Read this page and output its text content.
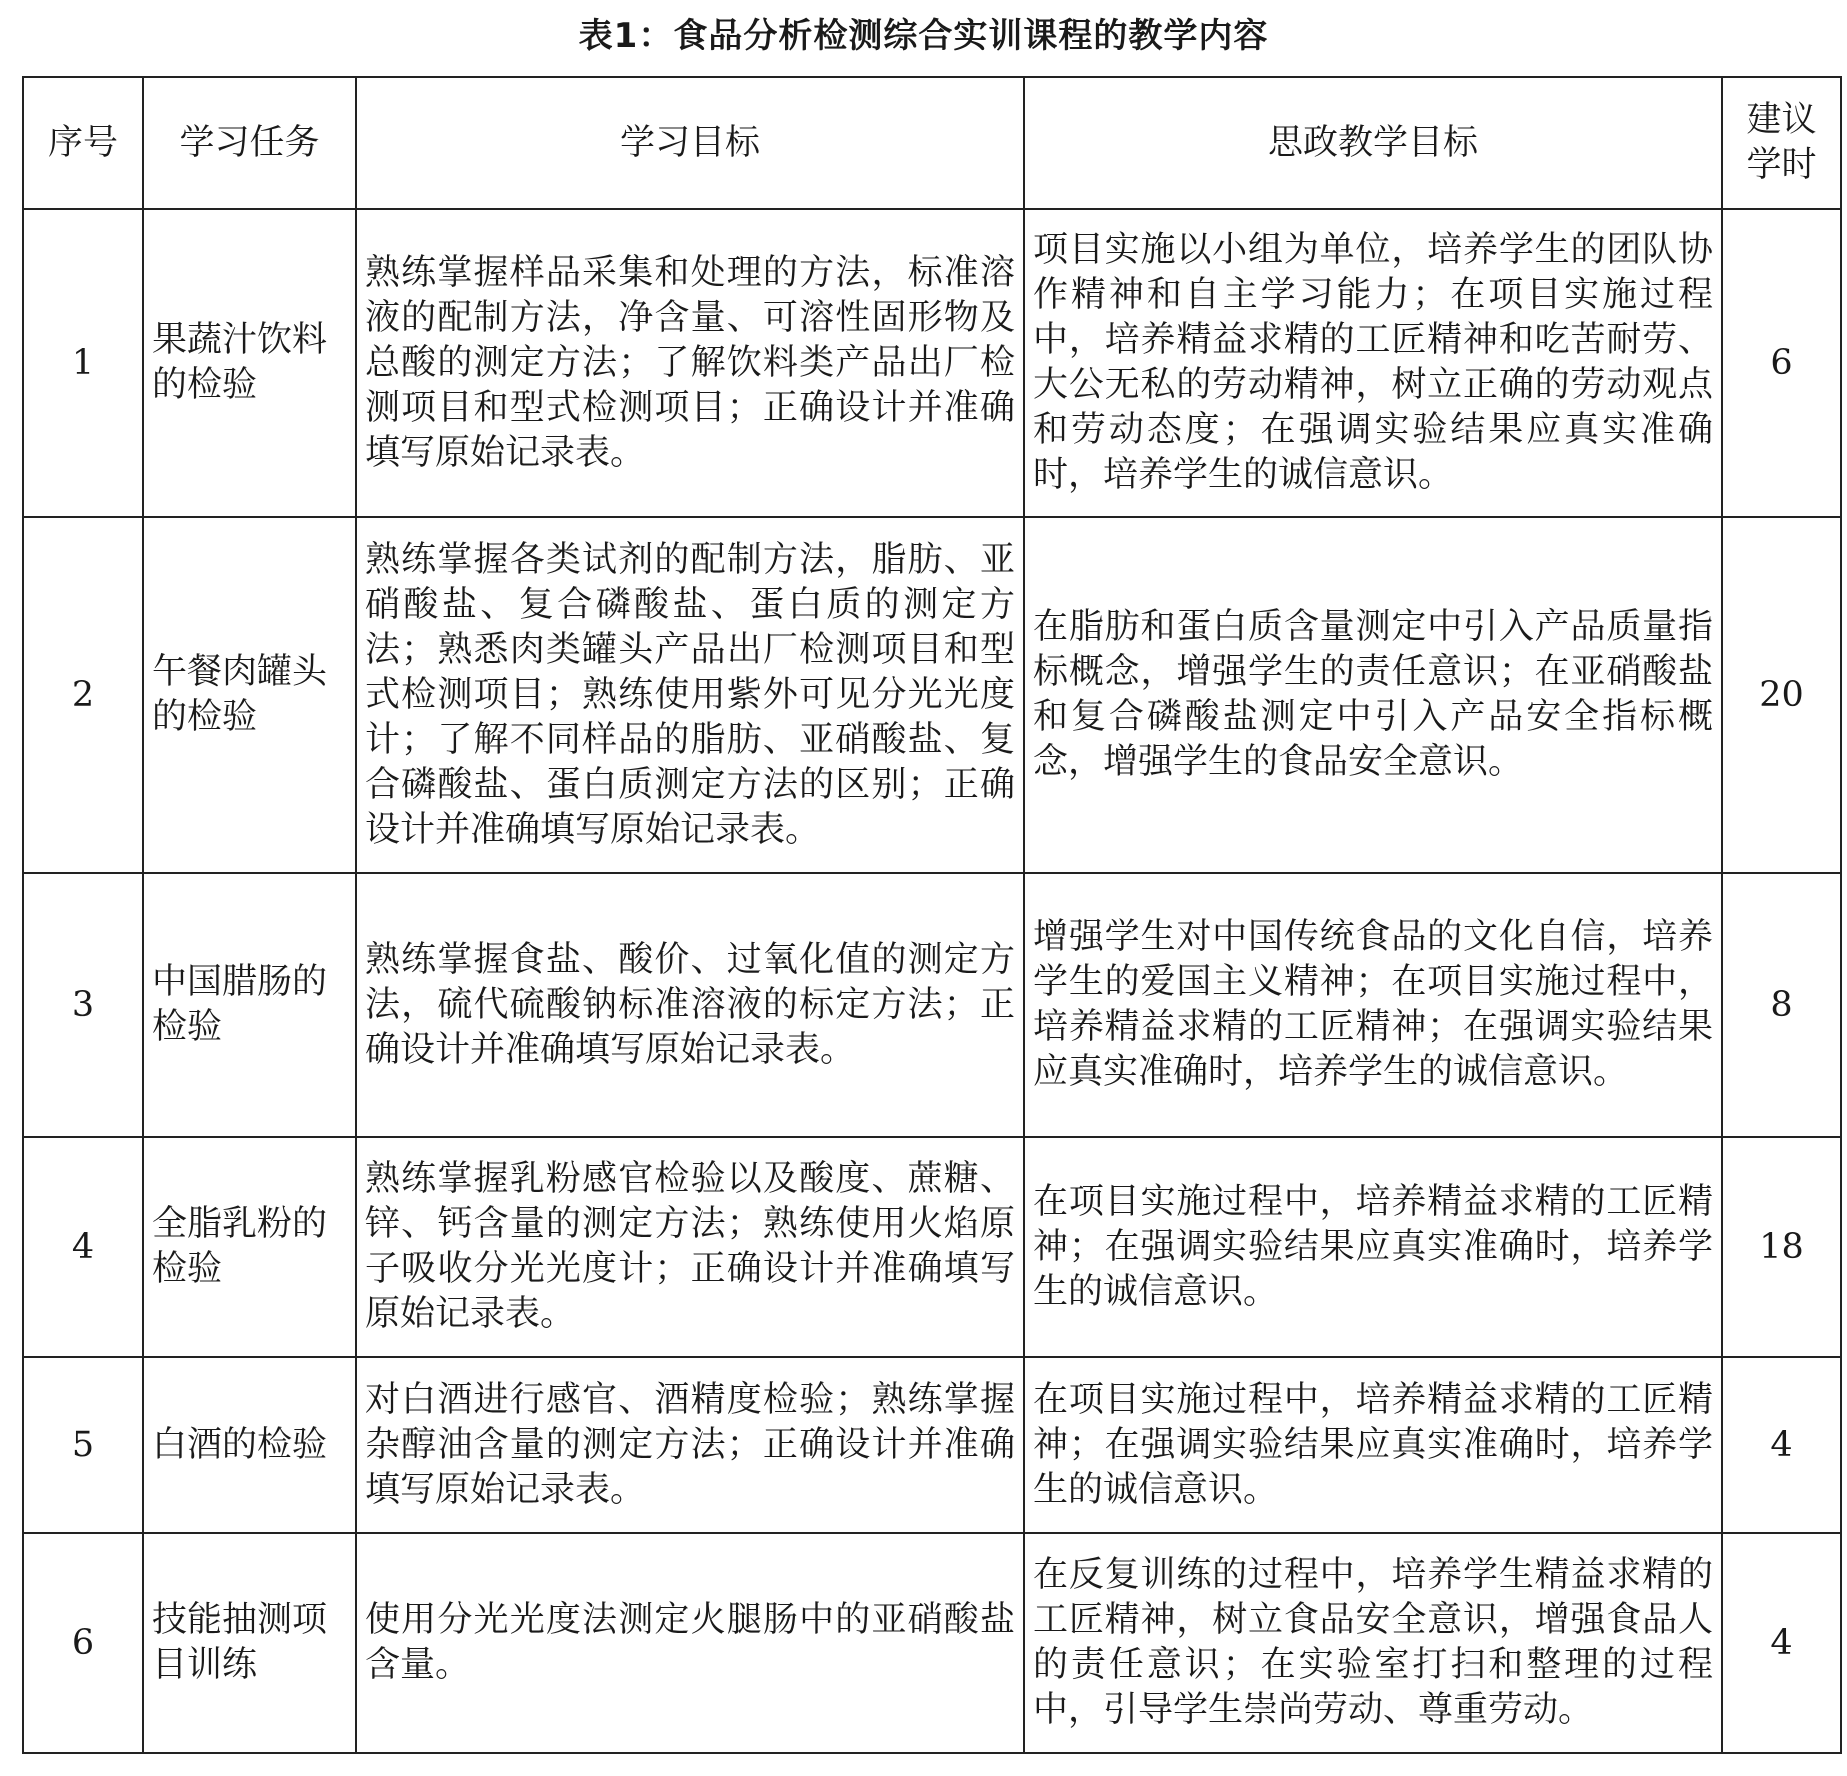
表1：食品分析检测综合实训课程的教学内容
序号	学习任务	学习目标	思政教学目标	建议
学时

1	果蔬汁饮料的检验	熟练掌握样品采集和处理的方法，标准溶液的配制方法，净含量、可溶性固形物及总酸的测定方法；了解饮料类产品出厂检测项目和型式检测项目；正确设计并准确填写原始记录表。	项目实施以小组为单位，培养学生的团队协作精神和自主学习能力；在项目实施过程中，培养精益求精的工匠精神和吃苦耐劳、大公无私的劳动精神，树立正确的劳动观点和劳动态度；在强调实验结果应真实准确时，培养学生的诚信意识。	6
2	午餐肉罐头的检验	熟练掌握各类试剂的配制方法，脂肪、亚硝酸盐、复合磷酸盐、蛋白质的测定方法；熟悉肉类罐头产品出厂检测项目和型式检测项目；熟练使用紫外可见分光光度计；了解不同样品的脂肪、亚硝酸盐、复合磷酸盐、蛋白质测定方法的区别；正确设计并准确填写原始记录表。	在脂肪和蛋白质含量测定中引入产品质量指标概念，增强学生的责任意识；在亚硝酸盐和复合磷酸盐测定中引入产品安全指标概念，增强学生的食品安全意识。	20
3	中国腊肠的检验	熟练掌握食盐、酸价、过氧化值的测定方法，硫代硫酸钠标准溶液的标定方法；正确设计并准确填写原始记录表。	增强学生对中国传统食品的文化自信，培养学生的爱国主义精神；在项目实施过程中，培养精益求精的工匠精神；在强调实验结果应真实准确时，培养学生的诚信意识。	8
4	全脂乳粉的检验	熟练掌握乳粉感官检验以及酸度、蔗糖、锌、钙含量的测定方法；熟练使用火焰原子吸收分光光度计；正确设计并准确填写原始记录表。	在项目实施过程中，培养精益求精的工匠精神；在强调实验结果应真实准确时，培养学生的诚信意识。	18
5	白酒的检验	对白酒进行感官、酒精度检验；熟练掌握杂醇油含量的测定方法；正确设计并准确填写原始记录表。	在项目实施过程中，培养精益求精的工匠精神；在强调实验结果应真实准确时，培养学生的诚信意识。	4
6	技能抽测项目训练	使用分光光度法测定火腿肠中的亚硝酸盐含量。	在反复训练的过程中，培养学生精益求精的工匠精神，树立食品安全意识，增强食品人的责任意识；在实验室打扫和整理的过程中，引导学生崇尚劳动、尊重劳动。	4
